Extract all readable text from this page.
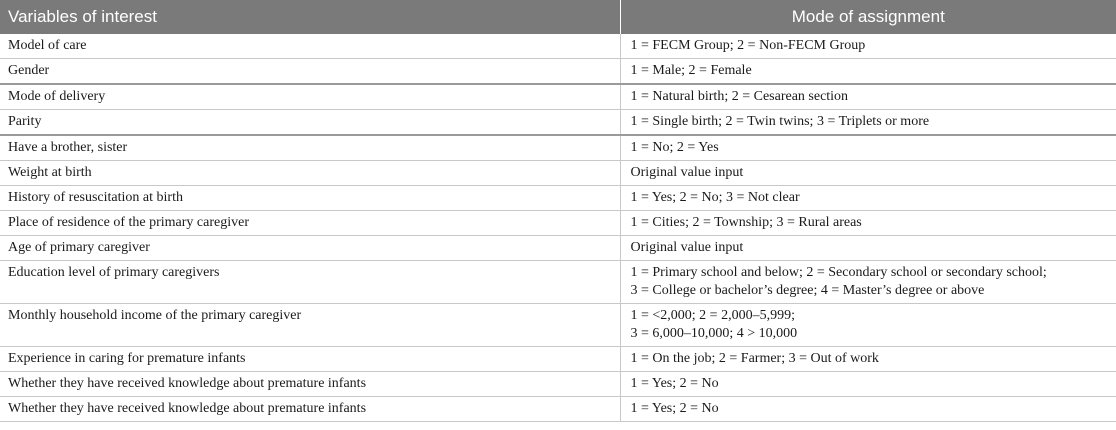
Variables of interest	Mode of assignment
Model of care	1 = FECM Group; 2 = Non-FECM Group

Gender	1 = Male; 2 = Female

Mode of delivery	1 = Natural birth; 2 = Cesarean section

Parity	1 = Single birth; 2 = Twin twins; 3 = Triplets or more

Have a brother, sister	1 = No; 2 = Yes

Weight at birth	Original value input

History of resuscitation at birth	1 = Yes; 2 = No; 3 = Not clear

Place of residence of the primary caregiver	1 = Cities; 2 = Township; 3 = Rural areas

Age of primary caregiver	Original value input

Education level of primary caregivers	1 = Primary school and below; 2 = Secondary school or secondary school;
3 = College or bachelor’s degree; 4 = Master’s degree or above

Monthly household income of the primary caregiver	1 = <2,000; 2 = 2,000–5,999;
3 = 6,000–10,000; 4 > 10,000

Experience in caring for premature infants	1 = On the job; 2 = Farmer; 3 = Out of work

Whether they have received knowledge about premature infants	1 = Yes; 2 = No

Whether they have received knowledge about premature infants	1 = Yes; 2 = No
